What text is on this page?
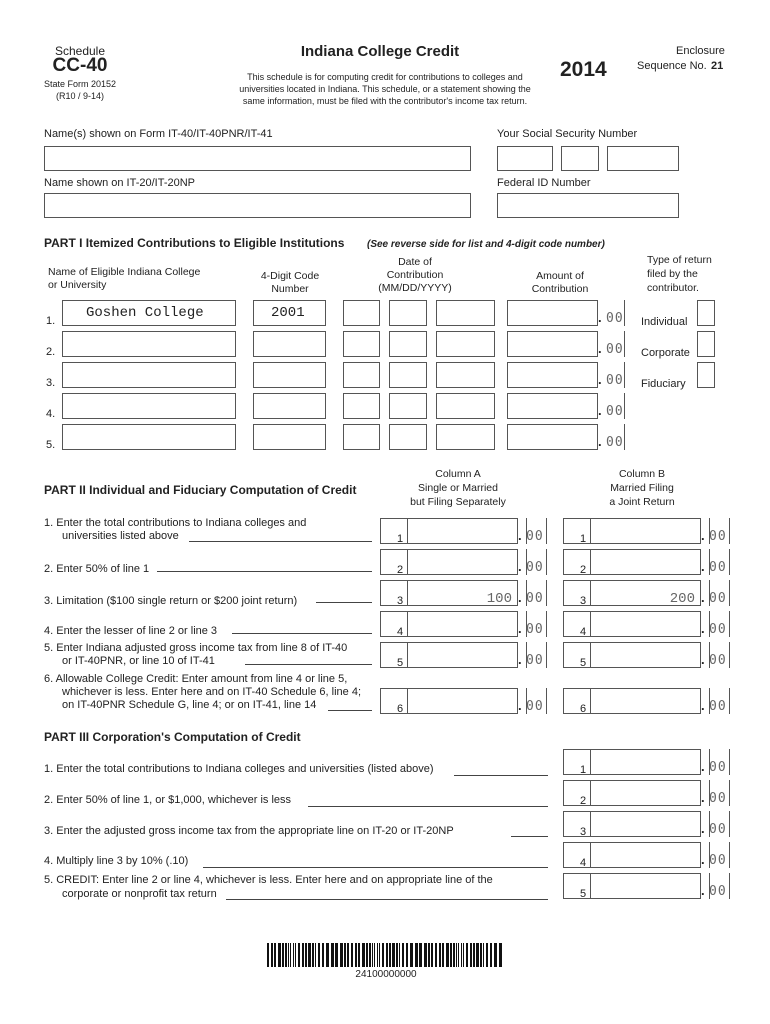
Schedule
CC-40
State Form 20152
(R10 / 9-14)
Indiana College Credit
This schedule is for computing credit for contributions to colleges and
universities located in Indiana. This schedule, or a statement showing the
same information, must be filed with the contributor's income tax return.
2014
Enclosure
Sequence No. 21
Name(s) shown on Form IT-40/IT-40PNR/IT-41	Your Social Security Number
Name shown on IT-20/IT-20NP	Federal ID Number
PART I Itemized Contributions to Eligible Institutions (See reverse side for list and 4-digit code number)
Name of Eligible Indiana College
or University
4-Digit Code
Number
Date of
Contribution
(MM/DD/YYYY)
Amount of
Contribution
Type of return
filed by the
contributor.
1. Goshen College	2001	. 00
2.	. 00
3.	. 00
4.	. 00
5.	. 00
Individual
Corporate
Fiduciary
PART II Individual and Fiduciary Computation of Credit
Column A
Single or Married
but Filing Separately
Column B
Married Filing
a Joint Return
1. Enter the total contributions to Indiana colleges and
universities listed above	1	. 00	1	. 00
2. Enter 50% of line 1	2	. 00	2	. 00
3. Limitation ($100 single return or $200 joint return)	3	100 . 00	3	200 . 00
4. Enter the lesser of line 2 or line 3	4	. 00	4	. 00
5. Enter Indiana adjusted gross income tax from line 8 of IT-40
or IT-40PNR, or line 10 of IT-41	5	. 00	5	. 00
6. Allowable College Credit: Enter amount from line 4 or line 5,
whichever is less. Enter here and on IT-40 Schedule 6, line 4;
on IT-40PNR Schedule G, line 4; or on IT-41, line 14	6	. 00	6	. 00
PART III Corporation's Computation of Credit
1. Enter the total contributions to Indiana colleges and universities (listed above)	1	. 00
2. Enter 50% of line 1, or $1,000, whichever is less	2	. 00
3. Enter the adjusted gross income tax from the appropriate line on IT-20 or IT-20NP	3	. 00
4. Multiply line 3 by 10% (.10)	4	. 00
5. CREDIT: Enter line 2 or line 4, whichever is less. Enter here and on appropriate line of the
corporate or nonprofit tax return	5	. 00
24100000000
